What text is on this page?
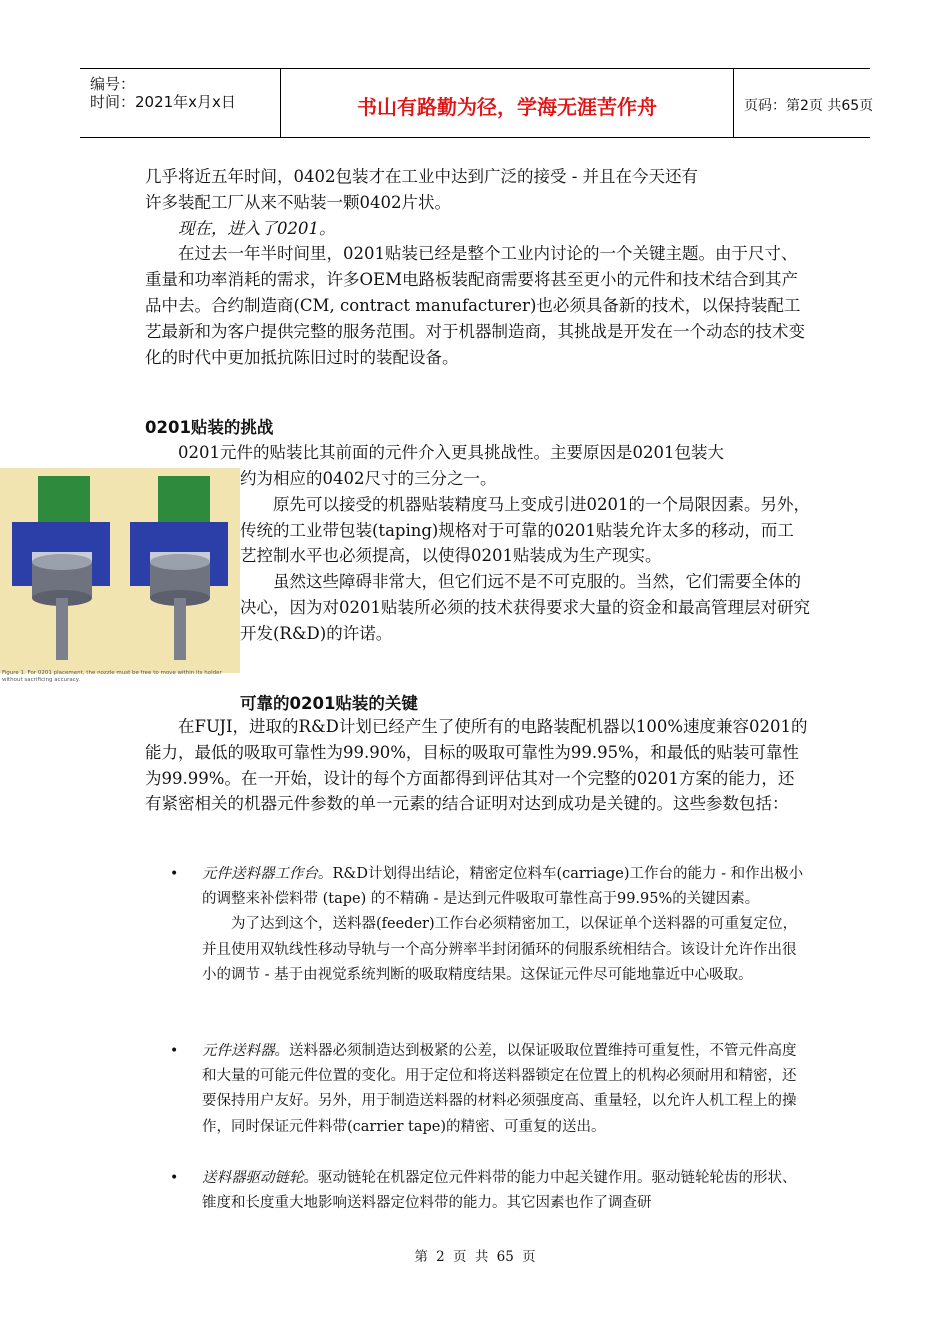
编号：
时间：2021年x月x日	书山有路勤为径，学海无涯苦作舟	页码：第2页 共65页
几乎将近五年时间，0402包装才在工业中达到广泛的接受 - 并且在今天还有
许多装配工厂从来不贴装一颗0402片状。
现在，进入了0201。
在过去一年半时间里，0201贴装已经是整个工业内讨论的一个关键主题。由于尺寸、重量和功率消耗的需求，许多OEM电路板装配商需要将甚至更小的元件和技术结合到其产品中去。合约制造商(CM, contract manufacturer)也必须具备新的技术，以保持装配工艺最新和为客户提供完整的服务范围。对于机器制造商，其挑战是开发在一个动态的技术变化的时代中更加抵抗陈旧过时的装配设备。
0201贴装的挑战
0201元件的贴装比其前面的元件介入更具挑战性。主要原因是0201包装大
约为相应的0402尺寸的三分之一。
原先可以接受的机器贴装精度马上变成引进0201的一个局限因素。另外，传统的工业带包装(taping)规格对于可靠的0201贴装允许太多的移动，而工艺控制水平也必须提高，以使得0201贴装成为生产现实。
虽然这些障碍非常大，但它们远不是不可克服的。当然，它们需要全体的决心，因为对0201贴装所必须的技术获得要求大量的资金和最高管理层对研究开发(R&D)的许诺。
Figure 1. For 0201 placement, the nozzle must be free to move within its holder without sacrificing accuracy.
可靠的0201贴装的关键
在FUJI，进取的R&D计划已经产生了使所有的电路装配机器以100%速度兼容0201的能力，最低的吸取可靠性为99.90%，目标的吸取可靠性为99.95%，和最低的贴装可靠性为99.99%。在一开始，设计的每个方面都得到评估其对一个完整的0201方案的能力，还有紧密相关的机器元件参数的单一元素的结合证明对达到成功是关键的。这些参数包括：
• 元件送料器工作台。R&D计划得出结论，精密定位料车(carriage)工作台的能力 - 和作出极小的调整来补偿料带 (tape) 的不精确 - 是达到元件吸取可靠性高于99.95%的关键因素。
为了达到这个，送料器(feeder)工作台必须精密加工，以保证单个送料器的可重复定位，并且使用双轨线性移动导轨与一个高分辨率半封闭循环的伺服系统相结合。该设计允许作出很小的调节 - 基于由视觉系统判断的吸取精度结果。这保证元件尽可能地靠近中心吸取。
• 元件送料器。送料器必须制造达到极紧的公差，以保证吸取位置维持可重复性，不管元件高度和大量的可能元件位置的变化。用于定位和将送料器锁定在位置上的机构必须耐用和精密，还要保持用户友好。另外，用于制造送料器的材料必须强度高、重量轻，以允许人机工程上的操作，同时保证元件料带(carrier tape)的精密、可重复的送出。
• 送料器驱动链轮。驱动链轮在机器定位元件料带的能力中起关键作用。驱动链轮轮齿的形状、锥度和长度重大地影响送料器定位料带的能力。其它因素也作了调查研
第 2 页 共 65 页
